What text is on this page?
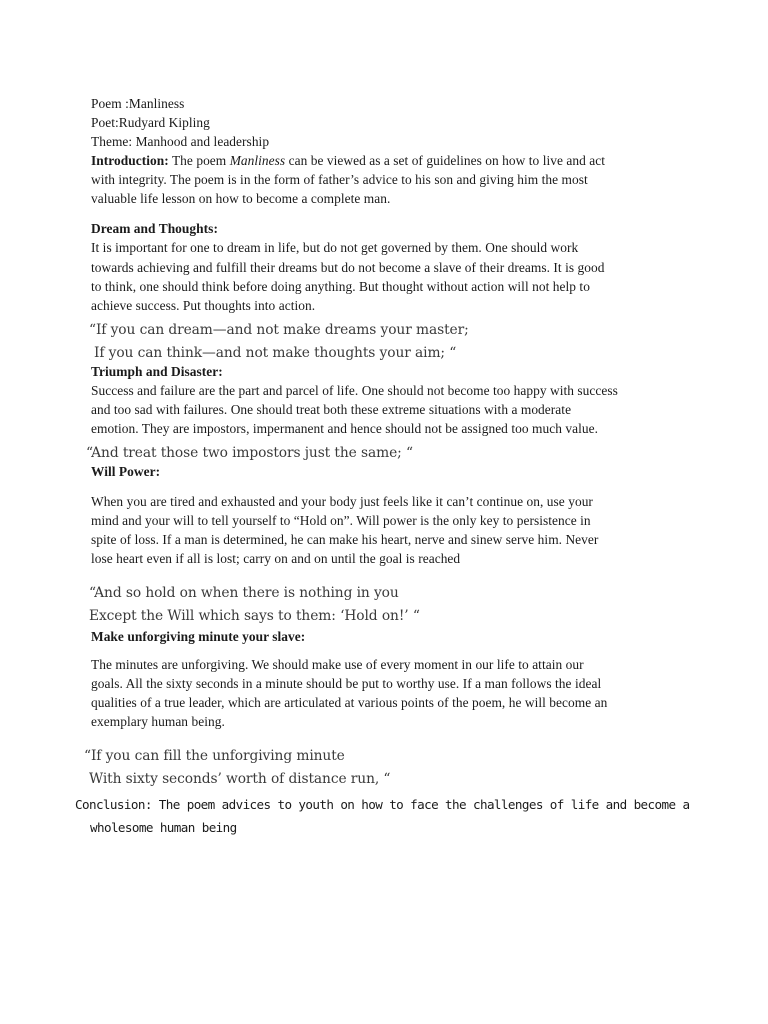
Poem :Manliness
Poet:Rudyard Kipling
Theme: Manhood and leadership
Introduction: The poem Manliness can be viewed as a set of guidelines on how to live and act
with integrity. The poem is in the form of father’s advice to his son and giving him the most
valuable life lesson on how to become a complete man.
Dream and Thoughts:
It is important for one to dream in life, but do not get governed by them. One should work
towards achieving and fulfill their dreams but do not become a slave of their dreams. It is good
to think, one should think before doing anything. But thought without action will not help to
achieve success. Put thoughts into action.
“If you can dream—and not make dreams your master;
If you can think—and not make thoughts your aim; “
Triumph and Disaster:
Success and failure are the part and parcel of life. One should not become too happy with success
and too sad with failures. One should treat both these extreme situations with a moderate
emotion. They are impostors, impermanent and hence should not be assigned too much value.
“And treat those two impostors just the same; “
Will Power:
When you are tired and exhausted and your body just feels like it can’t continue on, use your
mind and your will to tell yourself to “Hold on”. Will power is the only key to persistence in
spite of loss. If a man is determined, he can make his heart, nerve and sinew serve him. Never
lose heart even if all is lost; carry on and on until the goal is reached
“And so hold on when there is nothing in you
Except the Will which says to them: ‘Hold on!’ “
Make unforgiving minute your slave:
The minutes are unforgiving. We should make use of every moment in our life to attain our
goals. All the sixty seconds in a minute should be put to worthy use. If a man follows the ideal
qualities of a true leader, which are articulated at various points of the poem, he will become an
exemplary human being.
“If you can fill the unforgiving minute
With sixty seconds’ worth of distance run, “
Conclusion: The poem advices to youth on how to face the challenges of life and become a
wholesome human being
